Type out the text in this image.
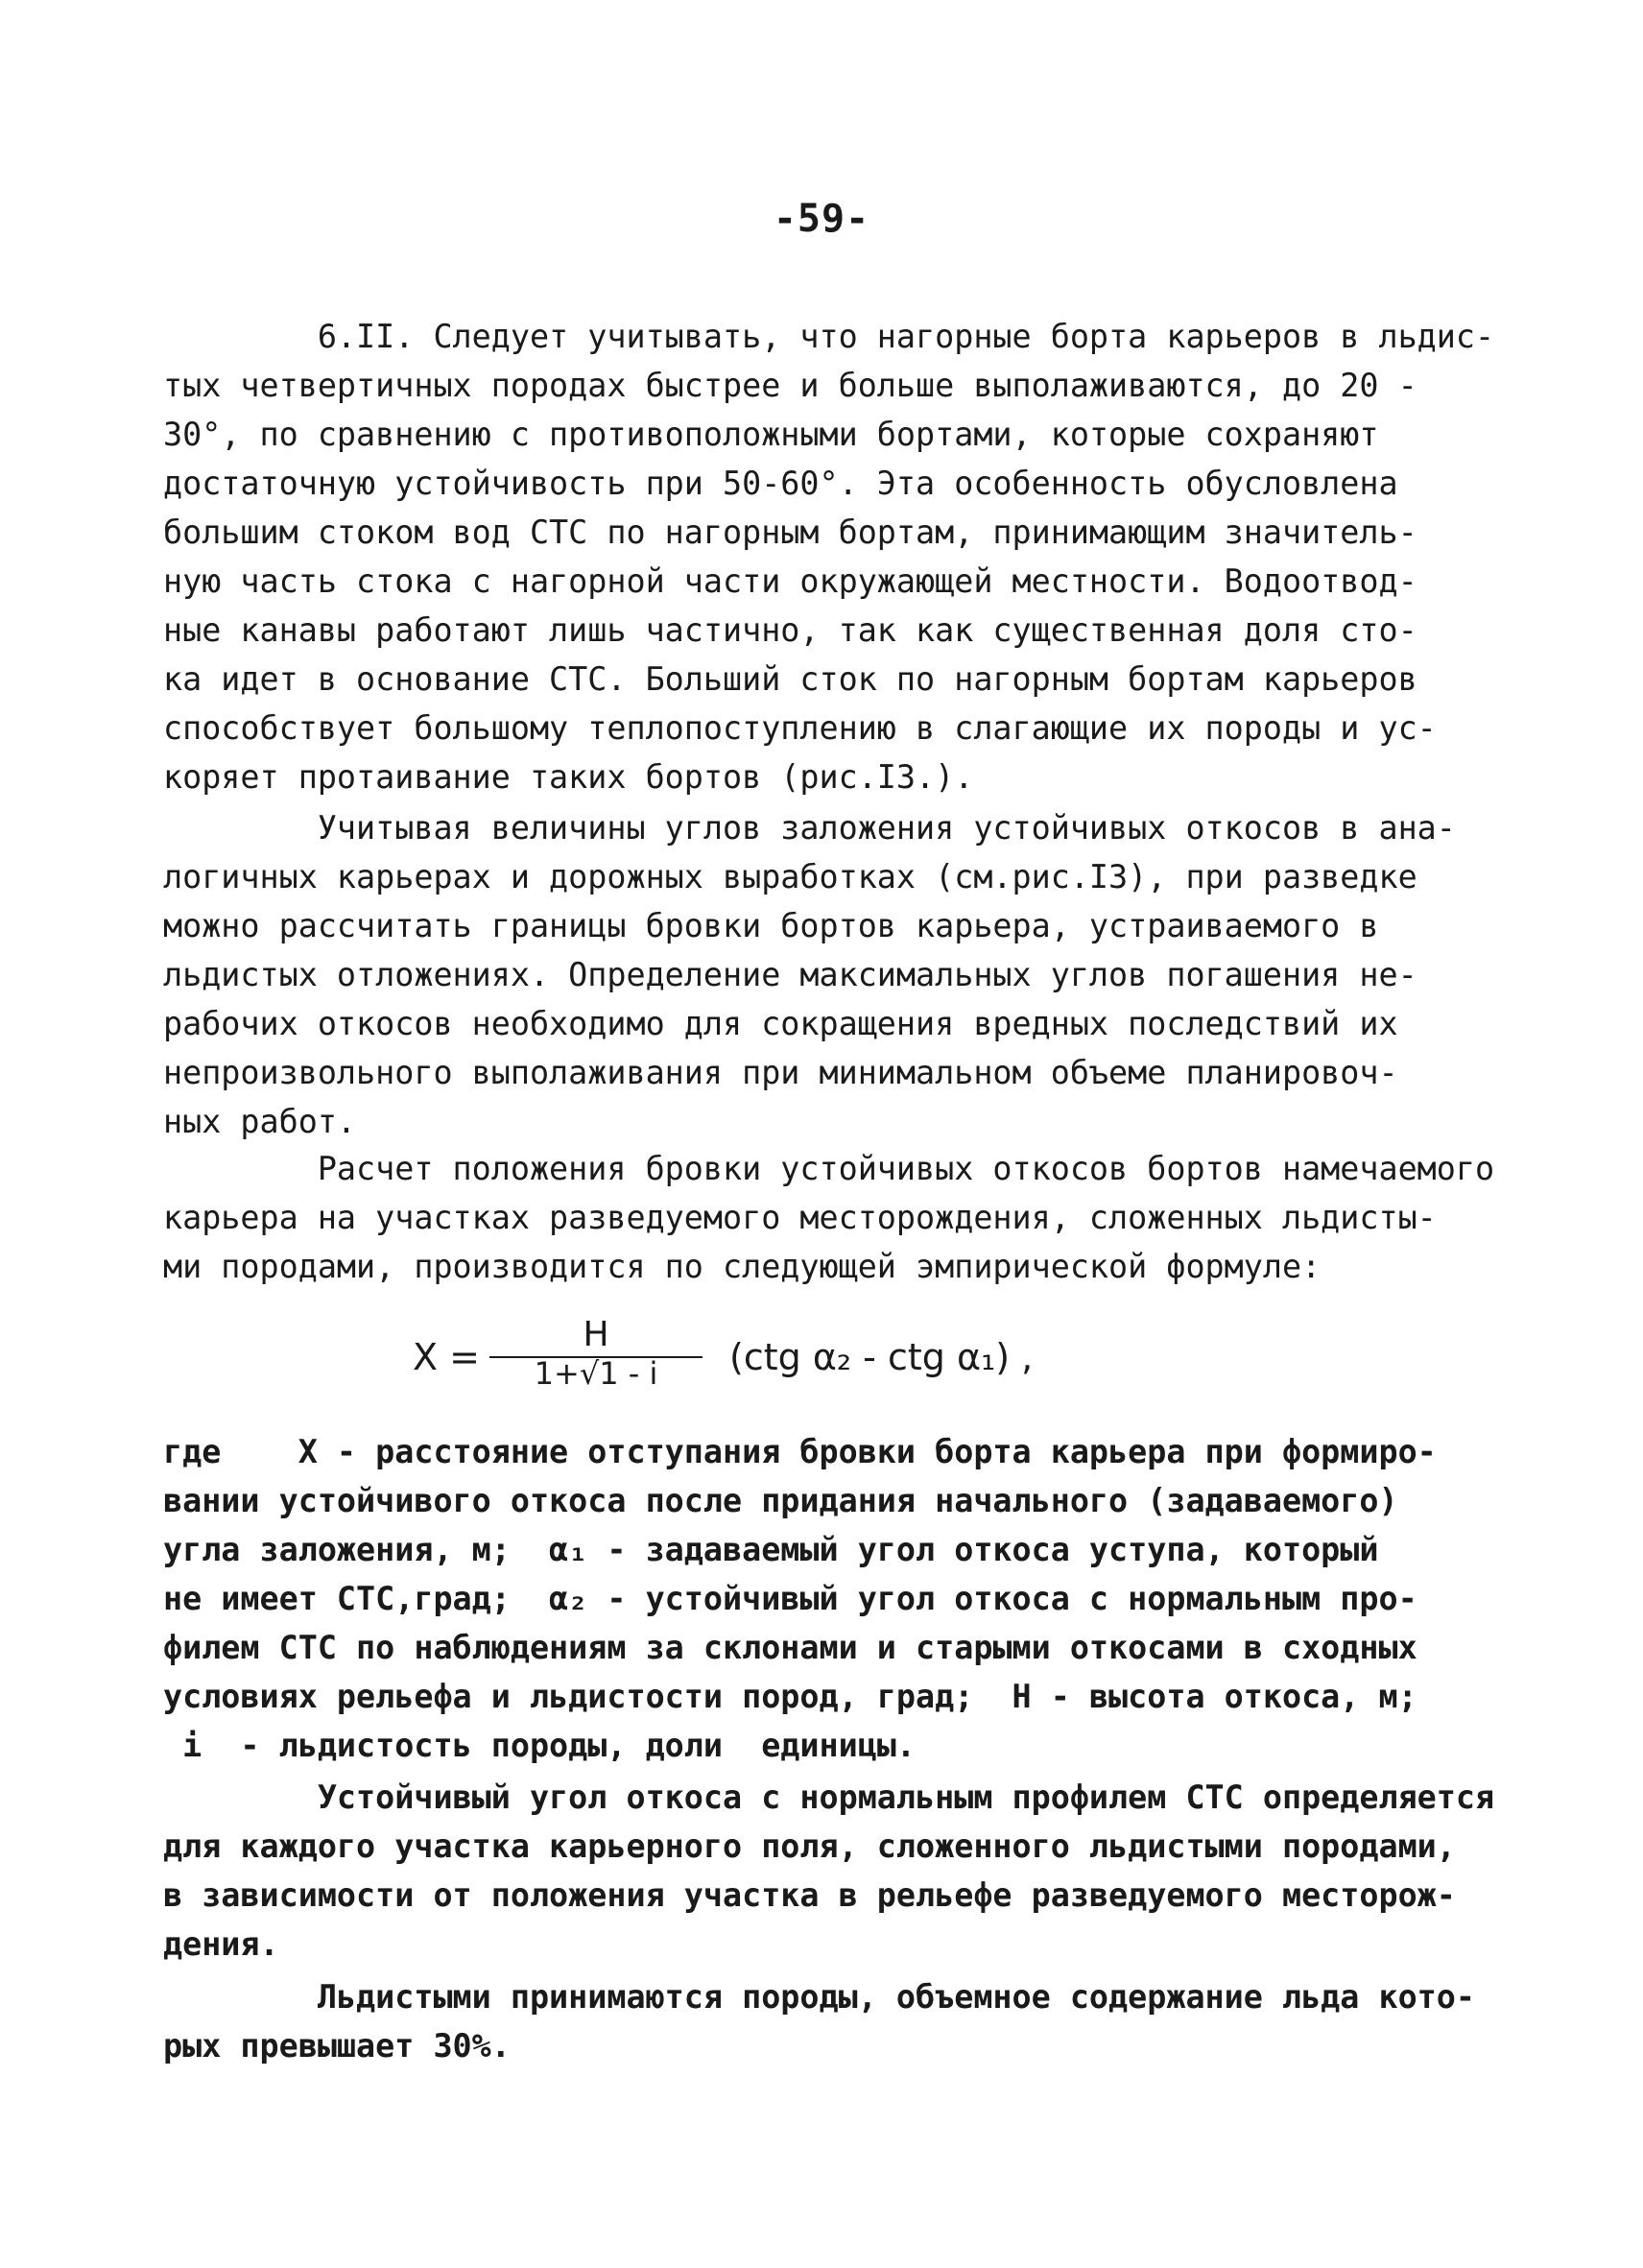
-59-
6.II. Следует учитывать, что нагорные борта карьеров в льдис-
тых четвертичных породах быстрее и больше выполаживаются, до 20 -
30°, по сравнению с противоположными бортами, которые сохраняют
достаточную устойчивость при 50-60°. Эта особенность обусловлена
большим стоком вод СТС по нагорным бортам, принимающим значитель-
ную часть стока с нагорной части окружающей местности. Водоотвод-
ные канавы работают лишь частично, так как существенная доля сто-
ка идет в основание СТС. Больший сток по нагорным бортам карьеров
способствует большому теплопоступлению в слагающие их породы и ус-
коряет протаивание таких бортов (рис.I3.).
Учитывая величины углов заложения устойчивых откосов в ана-
логичных карьерах и дорожных выработках (см.рис.I3), при разведке
можно рассчитать границы бровки бортов карьера, устраиваемого в
льдистых отложениях. Определение максимальных углов погашения не-
рабочих откосов необходимо для сокращения вредных последствий их
непроизвольного выполаживания при минимальном объеме планировоч-
ных работ.
Расчет положения бровки устойчивых откосов бортов намечаемого
карьера на участках разведуемого месторождения, сложенных льдисты-
ми породами, производится по следующей эмпирической формуле:
X =
H
1+√1 - i	(ctg α₂ - ctg α₁) ,
где    X - расстояние отступания бровки борта карьера при формиро-
вании устойчивого откоса после придания начального (задаваемого)
угла заложения, м;  α₁ - задаваемый угол откоса уступа, который
не имеет СТС,град;  α₂ - устойчивый угол откоса с нормальным про-
филем СТС по наблюдениям за склонами и старыми откосами в сходных
условиях рельефа и льдистости пород, град;  H - высота откоса, м;
i  - льдистость породы, доли  единицы.
Устойчивый угол откоса с нормальным профилем СТС определяется
для каждого участка карьерного поля, сложенного льдистыми породами,
в зависимости от положения участка в рельефе разведуемого месторож-
дения.
Льдистыми принимаются породы, объемное содержание льда кото-
рых превышает 30%.
